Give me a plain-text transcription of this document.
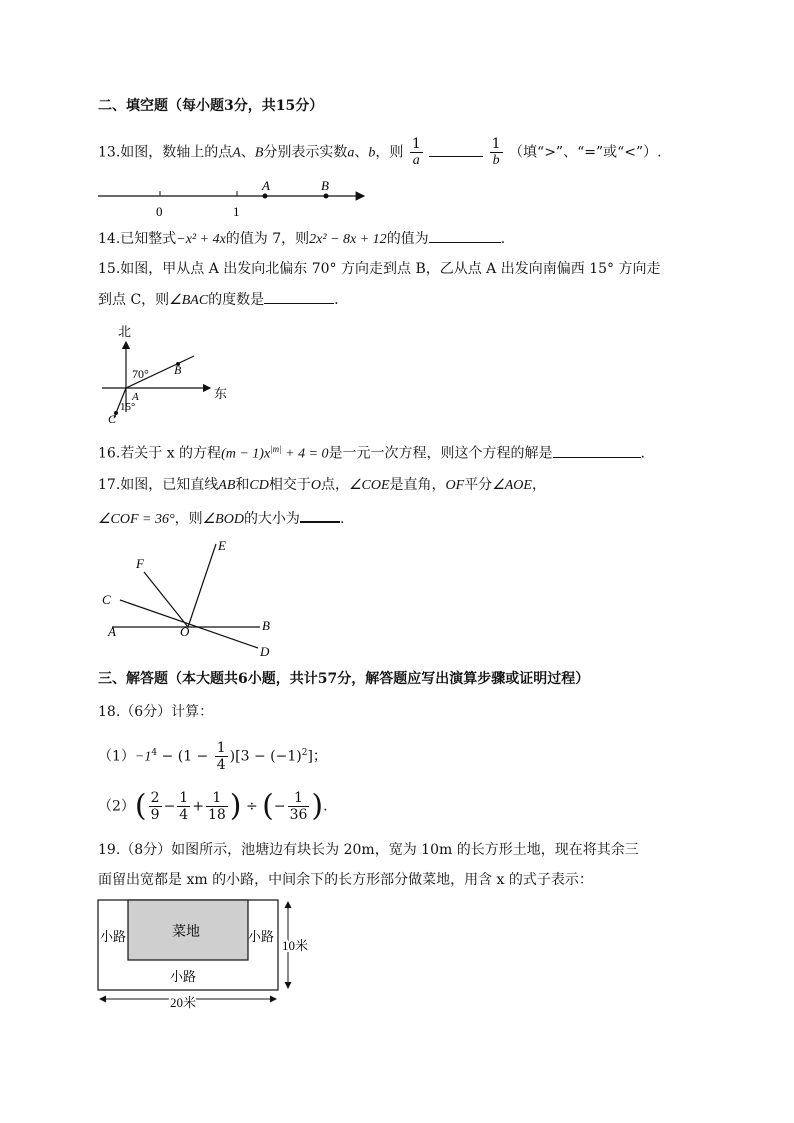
二、填空题（每小题3分，共15分）
13.如图，数轴上的点A、B分别表示实数a、b，则 $\frac{1}{a}$
	$\frac{1}{b}$ （填“>”、“=”或“<”）.
0	1
A	B
14.已知整式−x² + 4x的值为 7，则2x² − 8x + 12的值为	.
15.如图，甲从点 A 出发向北偏东 70° 方向走到点 B，乙从点 A 出发向南偏西 15° 方向走
到点 C，则∠BAC的度数是	.
北
东
70°
15°
A
B
C
16.若关于 x 的方程$(m - 1)x^{|m|} + 4 = 0$是一元一次方程，则这个方程的解是	.
17.如图，已知直线AB和CD相交于O点，∠COE是直角，OF平分∠AOE，
∠COF = 36°，则∠BOD的大小为	.
E
F
C
A	O	B
D
三、解答题（本大题共6小题，共计57分，解答题应写出演算步骤或证明过程）
18.（6分）计算：
$(1)-1^4 - (1 - \frac{1}{4} )[3 - (-1)^2]$；
$(2)( \frac{2}{9} - \frac{1}{4} + \frac{1}{18}$ ) ÷ (− $\frac{1}{36}$ ).
19.（8分）如图所示，池塘边有块长为 20m，宽为 10m 的长方形土地，现在将其余三
面留出宽都是 xm 的小路，中间余下的长方形部分做菜地，用含 x 的式子表示：
菜地
小路	小路
小路
20米
10米
